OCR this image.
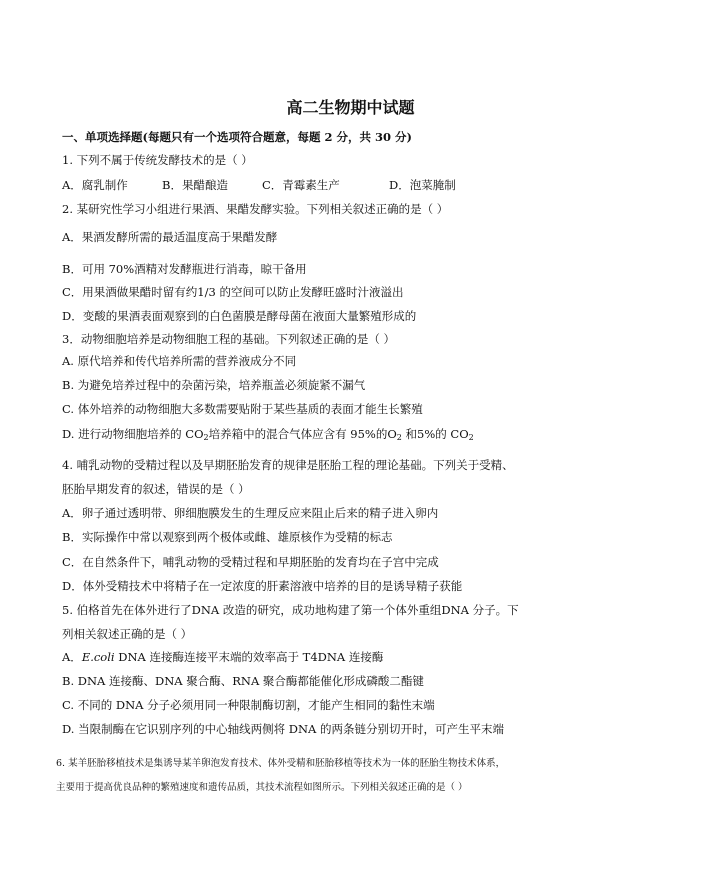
高二生物期中试题
一、单项选择题(每题只有一个选项符合题意，每题 2 分，共 30 分)
1. 下列不属于传统发酵技术的是（ ）
A．腐乳制作	B．果醋酿造	C．青霉素生产	D．泡菜腌制
2. 某研究性学习小组进行果酒、果醋发酵实验。下列相关叙述正确的是（ ）
A．果酒发酵所需的最适温度高于果醋发酵
B．可用 70%酒精对发酵瓶进行消毒，晾干备用
C．用果酒做果醋时留有约1/3 的空间可以防止发酵旺盛时汁液溢出
D．变酸的果酒表面观察到的白色菌膜是酵母菌在液面大量繁殖形成的
3．动物细胞培养是动物细胞工程的基础。下列叙述正确的是（ ）
A. 原代培养和传代培养所需的营养液成分不同
B. 为避免培养过程中的杂菌污染，培养瓶盖必须旋紧不漏气
C. 体外培养的动物细胞大多数需要贴附于某些基质的表面才能生长繁殖
D. 进行动物细胞培养的 $CO_2$培养箱中的混合气体应含有 95%的$O_2$ 和5%的 $CO_2$
4. 哺乳动物的受精过程以及早期胚胎发育的规律是胚胎工程的理论基础。下列关于受精、
胚胎早期发育的叙述，错误的是（ ）
A．卵子通过透明带、卵细胞膜发生的生理反应来阻止后来的精子进入卵内
B．实际操作中常以观察到两个极体或雌、雄原核作为受精的标志
C．在自然条件下，哺乳动物的受精过程和早期胚胎的发育均在子宫中完成
D．体外受精技术中将精子在一定浓度的肝素溶液中培养的目的是诱导精子获能
5. 伯格首先在体外进行了DNA 改造的研究，成功地构建了第一个体外重组DNA 分子。下
列相关叙述正确的是（ ）
A．E.coli DNA 连接酶连接平末端的效率高于 T4DNA 连接酶
B. DNA 连接酶、DNA 聚合酶、RNA 聚合酶都能催化形成磷酸二酯键
C. 不同的 DNA 分子必须用同一种限制酶切割，才能产生相同的黏性末端
D. 当限制酶在它识别序列的中心轴线两侧将 DNA 的两条链分别切开时，可产生平末端
6. 某羊胚胎移植技术是集诱导某羊卵泡发育技术、体外受精和胚胎移植等技术为一体的胚胎生物技术体系，
主要用于提高优良品种的繁殖速度和遗传品质，其技术流程如图所示。下列相关叙述正确的是（ ）
